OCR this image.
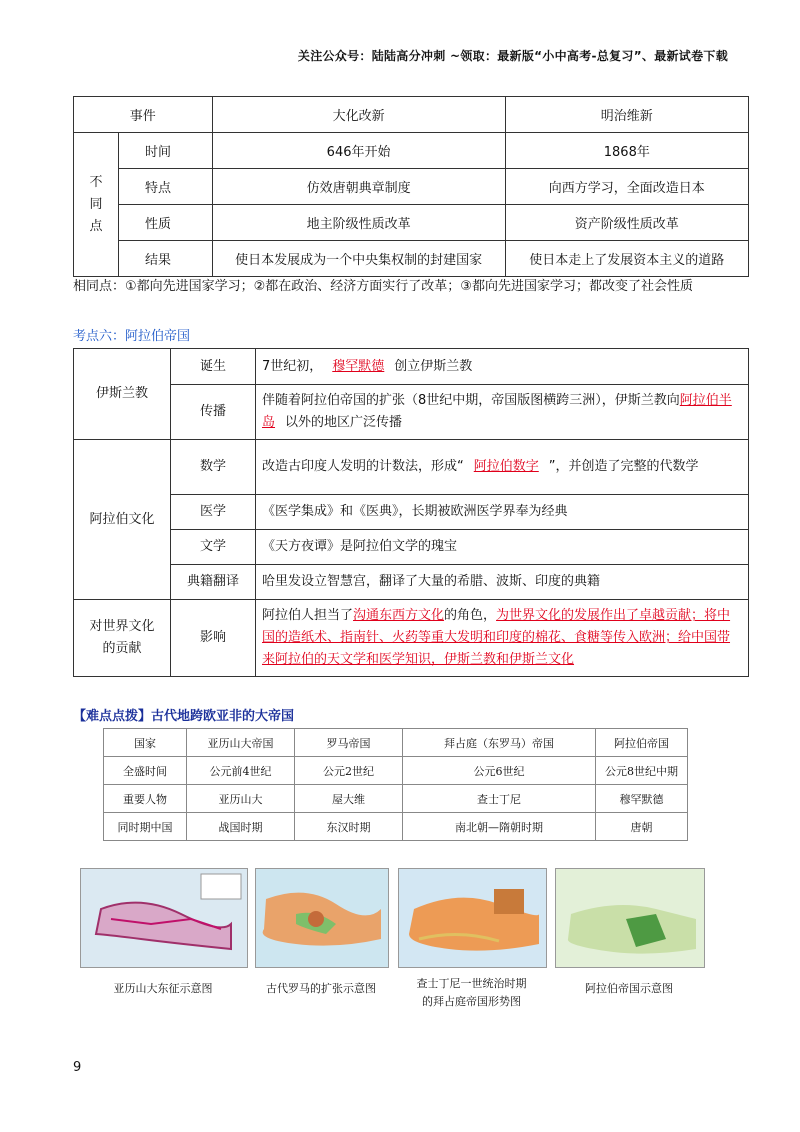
关注公众号：陆陆高分冲刺 ~领取：最新版“小中高考-总复习”、最新试卷下载
事件		大化改新	明治维新

不
同
点	时间	646年开始	1868年
	特点	仿效唐朝典章制度	向西方学习，全面改造日本
	性质	地主阶级性质改革	资产阶级性质改革
	结果	使日本发展成为一个中央集权制的封建国家	使日本走上了发展资本主义的道路
相同点：①都向先进国家学习；②都在政治、经济方面实行了改革；③都向先进国家学习；都改变了社会性质
考点六：阿拉伯帝国
伊斯兰教	诞生	7世纪初， 穆罕默德 创立伊斯兰教
	传播	伴随着阿拉伯帝国的扩张（8世纪中期，帝国版图横跨三洲），伊斯兰教向阿拉伯半岛 以外的地区广泛传播
阿拉伯文化	数学	改造古印度人发明的计数法，形成“ 阿拉伯数字 ”，并创造了完整的代数学
	医学	《医学集成》和《医典》，长期被欧洲医学界奉为经典
	文学	《天方夜谭》是阿拉伯文学的瑰宝
	典籍翻译	哈里发设立智慧宫，翻译了大量的希腊、波斯、印度的典籍
对世界文化的贡献	影响	阿拉伯人担当了沟通东西方文化的角色，为世界文化的发展作出了卓越贡献；将中国的造纸术、指南针、火药等重大发明和印度的棉花、食糖等传入欧洲；给中国带来阿拉伯的天文学和医学知识，伊斯兰教和伊斯兰文化
【难点点拨】古代地跨欧亚非的大帝国
国家	亚历山大帝国	罗马帝国	拜占庭（东罗马）帝国	阿拉伯帝国
全盛时间	公元前4世纪	公元2世纪	公元6世纪	公元8世纪中期
重要人物	亚历山大	屋大维	查士丁尼	穆罕默德
同时期中国	战国时期	东汉时期	南北朝—隋朝时期	唐朝
亚历山大东征示意图	古代罗马的扩张示意图	查士丁尼一世统治时期
的拜占庭帝国形势图
阿拉伯帝国示意图
9
